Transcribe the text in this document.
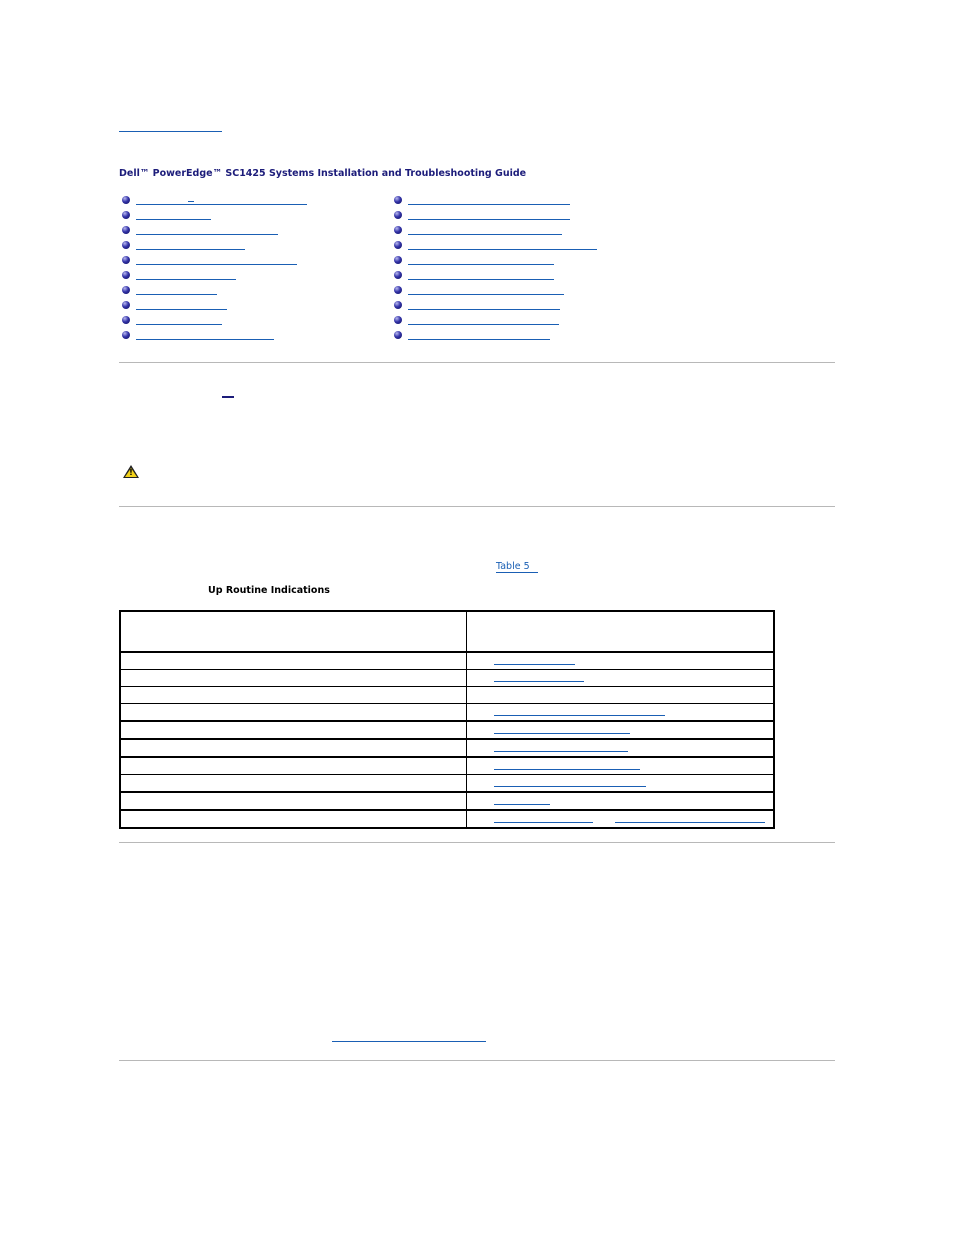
Dell™ PowerEdge™ SC1425 Systems Installation and Troubleshooting Guide
!
Table 5
Up Routine Indications
